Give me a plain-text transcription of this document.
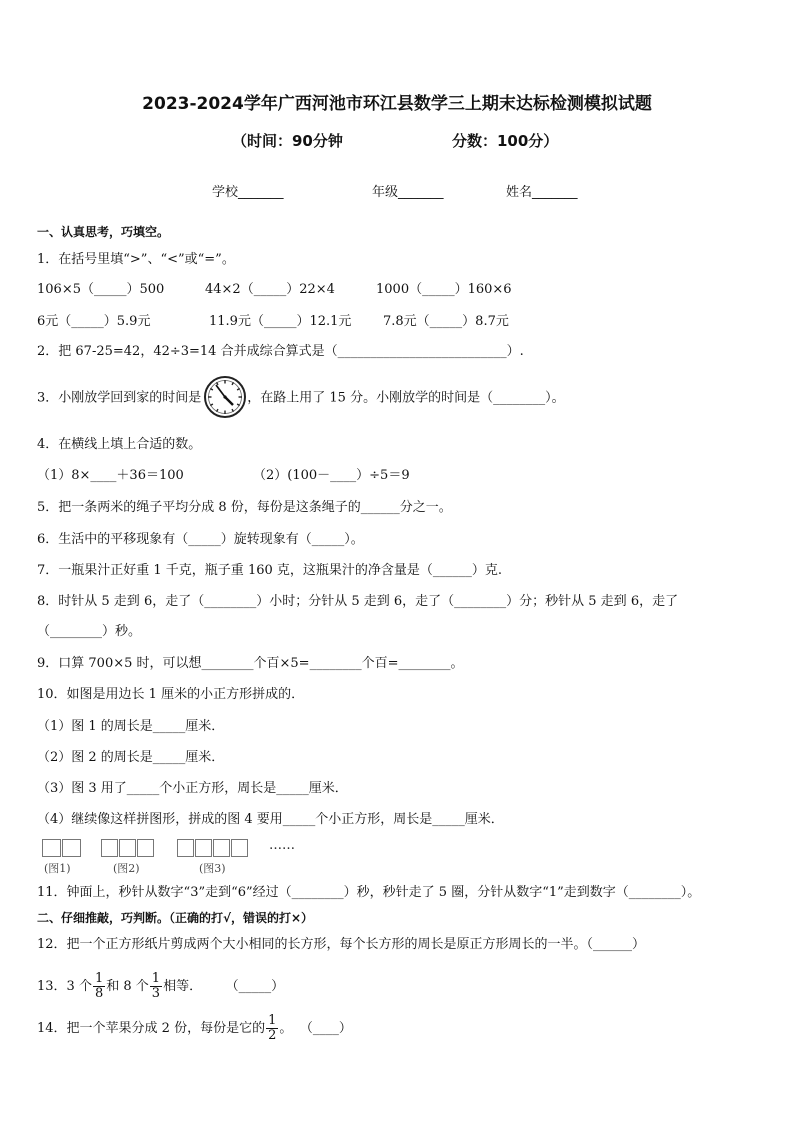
2023-2024学年广西河池市环江县数学三上期末达标检测模拟试题
（时间：90分钟	分数：100分）
学校_______	年级_______	姓名_______
一、认真思考，巧填空。
1．在括号里填“>”、“<”或“=”。
106×5（_____）500	44×2（_____）22×4	1000（_____）160×6
6元（_____）5.9元	11.9元（_____）12.1元 7.8元（_____）8.7元
2．把 67-25=42，42÷3=14 合并成综合算式是（__________________________）.
3．小刚放学回到家的时间是	，在路上用了 15 分。小刚放学的时间是（________）。
4．在横线上填上合适的数。
（1）8×____＋36＝100	（2）(100－____）÷5＝9
5．把一条两米的绳子平均分成 8 份，每份是这条绳子的______分之一。
6．生活中的平移现象有（_____）旋转现象有（_____）。
7．一瓶果汁正好重 1 千克，瓶子重 160 克，这瓶果汁的净含量是（______）克.
8．时针从 5 走到 6，走了（________）小时；分针从 5 走到 6，走了（________）分；秒针从 5 走到 6，走了
（________）秒。
9．口算 700×5 时，可以想________个百×5=________个百=________。
10．如图是用边长 1 厘米的小正方形拼成的．
（1）图 1 的周长是_____厘米．
（2）图 2 的周长是_____厘米．
（3）图 3 用了_____个小正方形，周长是_____厘米．
（4）继续像这样拼图形，拼成的图 4 要用_____个小正方形，周长是_____厘米．
……
(图1)	(图2)	(图3)
11．钟面上，秒针从数字“3”走到“6”经过（________）秒，秒针走了 5 圈，分针从数字“1”走到数字（________）。
二、仔细推敲，巧判断。（正确的打√，错误的打×）
12．把一个正方形纸片剪成两个大小相同的长方形，每个长方形的周长是原正方形周长的一半。（______）
13．3 个 $\frac{1}{8}$ 和 8 个 $\frac{1}{3}$ 相等． （_____）
14．把一个苹果分成 2 份，每份是它的 $\frac{1}{2}$ 。 （____）
